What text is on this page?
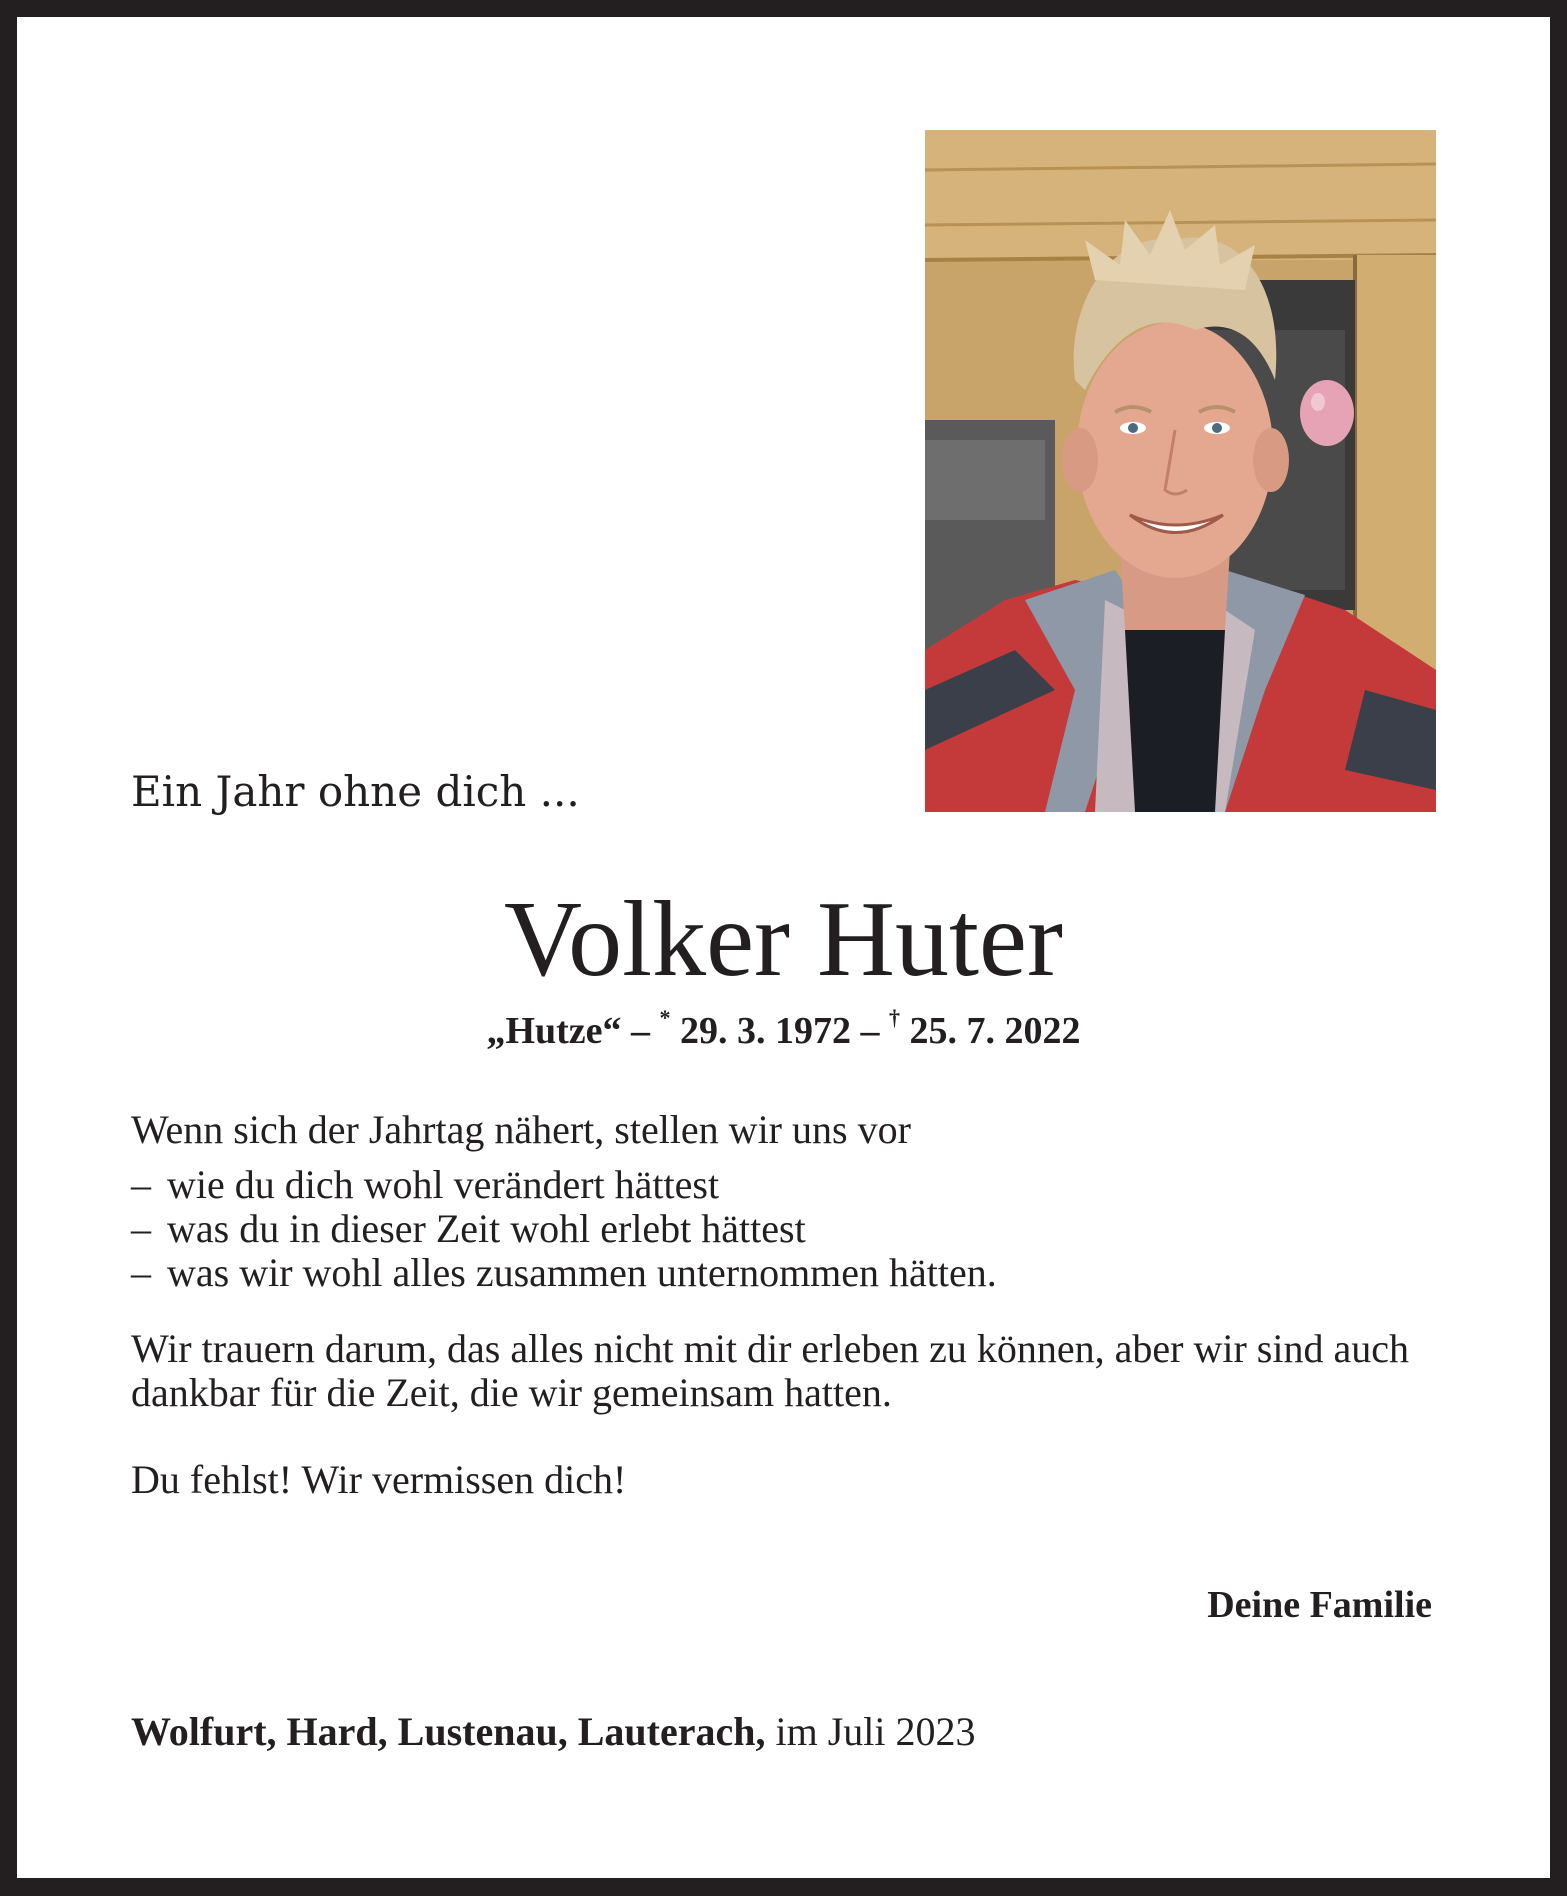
Ein Jahr ohne dich ...
Volker Huter
„Hutze“ – * 29. 3. 1972 – † 25. 7. 2022
Wenn sich der Jahrtag nähert, stellen wir uns vor
– wie du dich wohl verändert hättest
– was du in dieser Zeit wohl erlebt hättest
– was wir wohl alles zusammen unternommen hätten.
Wir trauern darum, das alles nicht mit dir erleben zu können, aber wir sind auch dankbar für die Zeit, die wir gemeinsam hatten.
Du fehlst! Wir vermissen dich!
Deine Familie
Wolfurt, Hard, Lustenau, Lauterach, im Juli 2023
